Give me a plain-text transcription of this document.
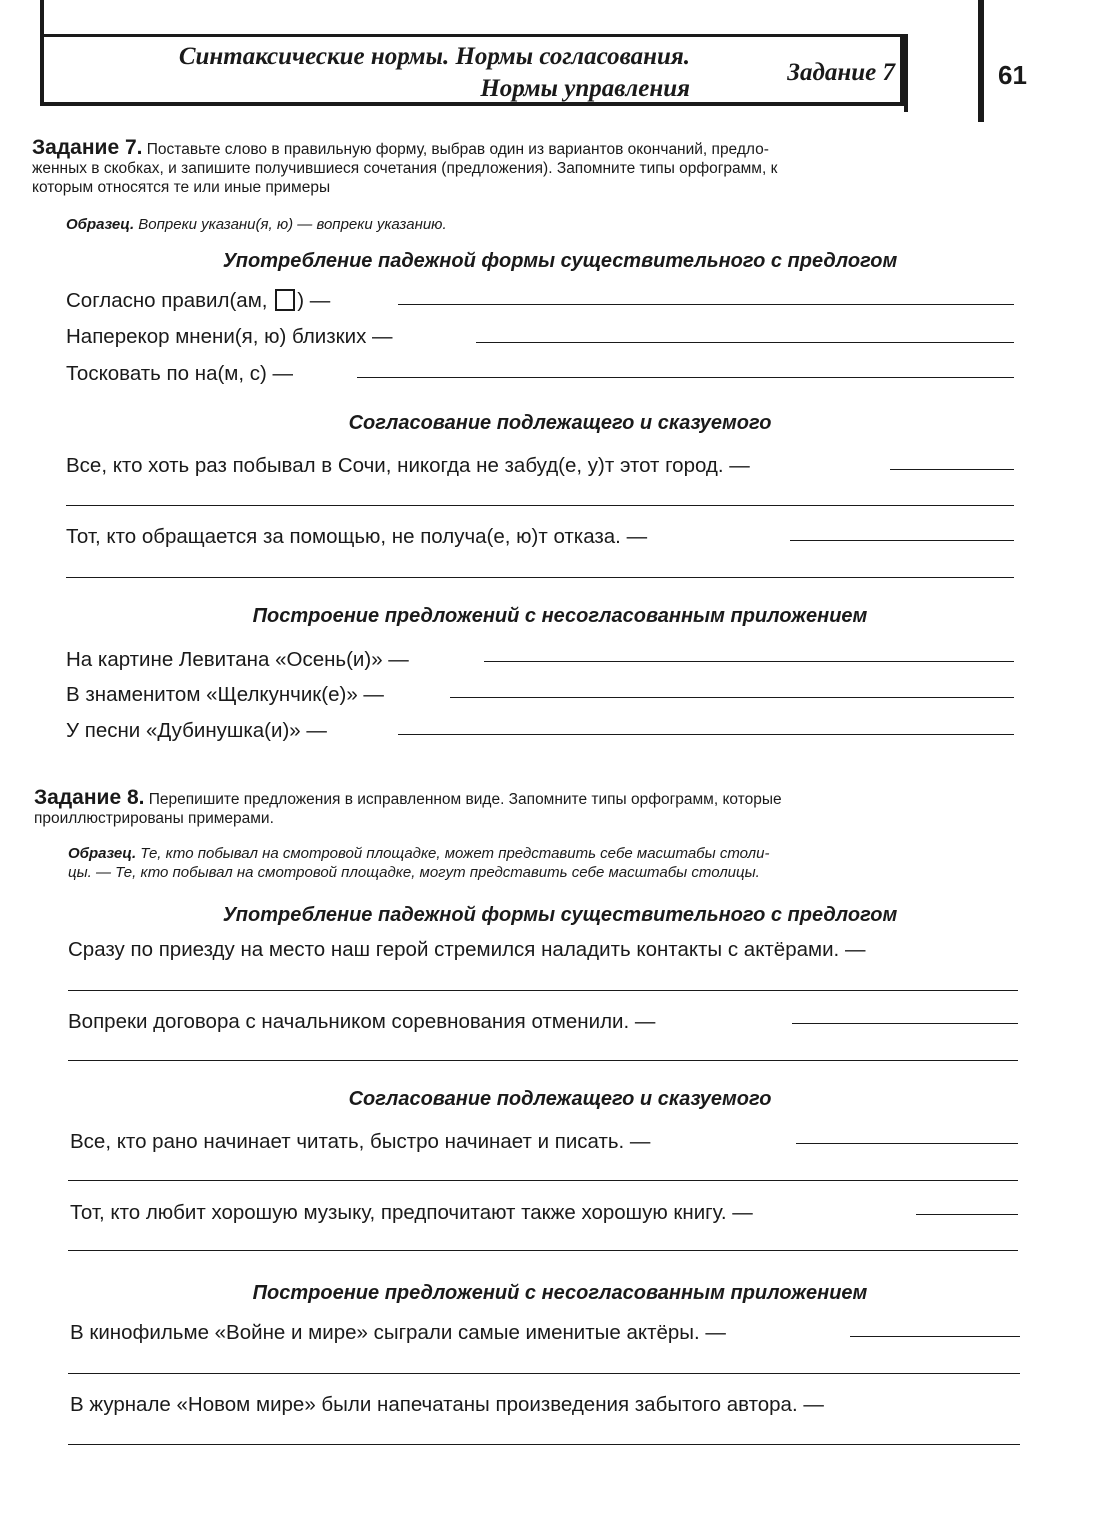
Синтаксические нормы. Нормы согласования.
Нормы управления
Задание 7	61
Задание 7. Поставьте слово в правильную форму, выбрав один из вариантов окончаний, предло-
женных в скобках, и запишите получившиеся сочетания (предложения). Запомните типы орфограмм, к
которым относятся те или иные примеры
Образец. Вопреки указани(я, ю) — вопреки указанию.
Употребление падежной формы существительного с предлогом
Согласно правил(ам, ) —
Наперекор мнени(я, ю) близких —
Тосковать по на(м, с) —
Согласование подлежащего и сказуемого
Все, кто хоть раз побывал в Сочи, никогда не забуд(е, у)т этот город. —
Тот, кто обращается за помощью, не получа(е, ю)т отказа. —
Построение предложений с несогласованным приложением
На картине Левитана «Осень(и)» —
В знаменитом «Щелкунчик(е)» —
У песни «Дубинушка(и)» —
Задание 8. Перепишите предложения в исправленном виде. Запомните типы орфограмм, которые
проиллюстрированы примерами.
Образец. Те, кто побывал на смотровой площадке, может представить себе масштабы столи-
цы. — Те, кто побывал на смотровой площадке, могут представить себе масштабы столицы.
Употребление падежной формы существительного с предлогом
Сразу по приезду на место наш герой стремился наладить контакты с актёрами. —
Вопреки договора с начальником соревнования отменили. —
Согласование подлежащего и сказуемого
Все, кто рано начинает читать, быстро начинает и писать. —
Тот, кто любит хорошую музыку, предпочитают также хорошую книгу. —
Построение предложений с несогласованным приложением
В кинофильме «Войне и мире» сыграли самые именитые актёры. —
В журнале «Новом мире» были напечатаны произведения забытого автора. —
